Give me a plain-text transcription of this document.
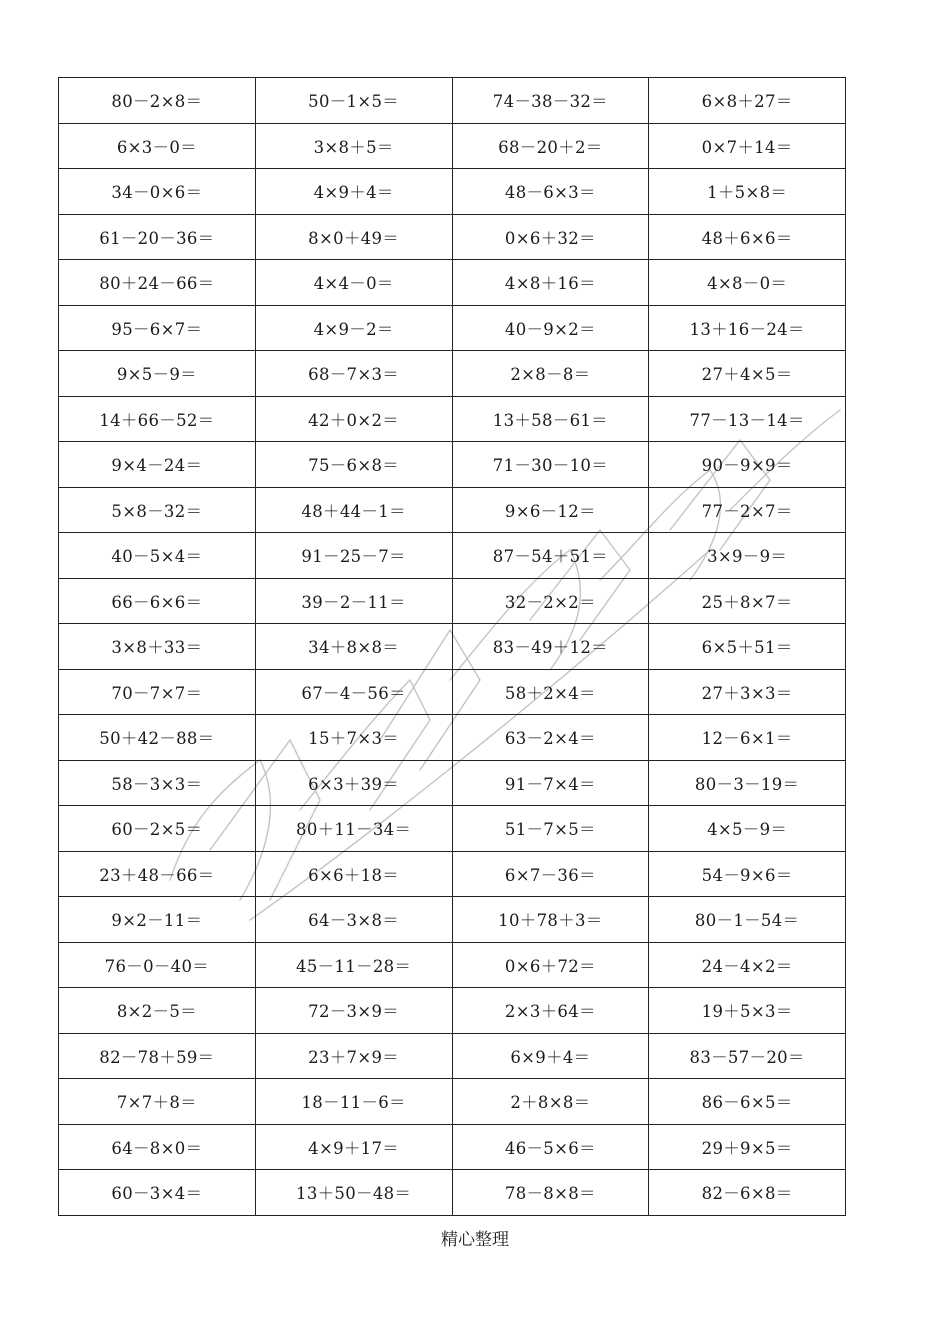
80－2×8＝	50－1×5＝	74－38－32＝	6×8＋27＝
6×3－0＝	3×8＋5＝	68－20＋2＝	0×7＋14＝
34－0×6＝	4×9＋4＝	48－6×3＝	1＋5×8＝
61－20－36＝	8×0＋49＝	0×6＋32＝	48＋6×6＝
80＋24－66＝	4×4－0＝	4×8＋16＝	4×8－0＝
95－6×7＝	4×9－2＝	40－9×2＝	13＋16－24＝
9×5－9＝	68－7×3＝	2×8－8＝	27＋4×5＝
14＋66－52＝	42＋0×2＝	13＋58－61＝	77－13－14＝
9×4－24＝	75－6×8＝	71－30－10＝	90－9×9＝
5×8－32＝	48＋44－1＝	9×6－12＝	77－2×7＝
40－5×4＝	91－25－7＝	87－54＋51＝	3×9－9＝
66－6×6＝	39－2－11＝	32－2×2＝	25＋8×7＝
3×8＋33＝	34＋8×8＝	83－49＋12＝	6×5＋51＝
70－7×7＝	67－4－56＝	58＋2×4＝	27＋3×3＝
50＋42－88＝	15＋7×3＝	63－2×4＝	12－6×1＝
58－3×3＝	6×3＋39＝	91－7×4＝	80－3－19＝
60－2×5＝	80＋11－34＝	51－7×5＝	4×5－9＝
23＋48－66＝	6×6＋18＝	6×7－36＝	54－9×6＝
9×2－11＝	64－3×8＝	10＋78＋3＝	80－1－54＝
76－0－40＝	45－11－28＝	0×6＋72＝	24－4×2＝
8×2－5＝	72－3×9＝	2×3＋64＝	19＋5×3＝
82－78＋59＝	23＋7×9＝	6×9＋4＝	83－57－20＝
7×7＋8＝	18－11－6＝	2＋8×8＝	86－6×5＝
64－8×0＝	4×9＋17＝	46－5×6＝	29＋9×5＝
60－3×4＝	13＋50－48＝	78－8×8＝	82－6×8＝
精心整理
